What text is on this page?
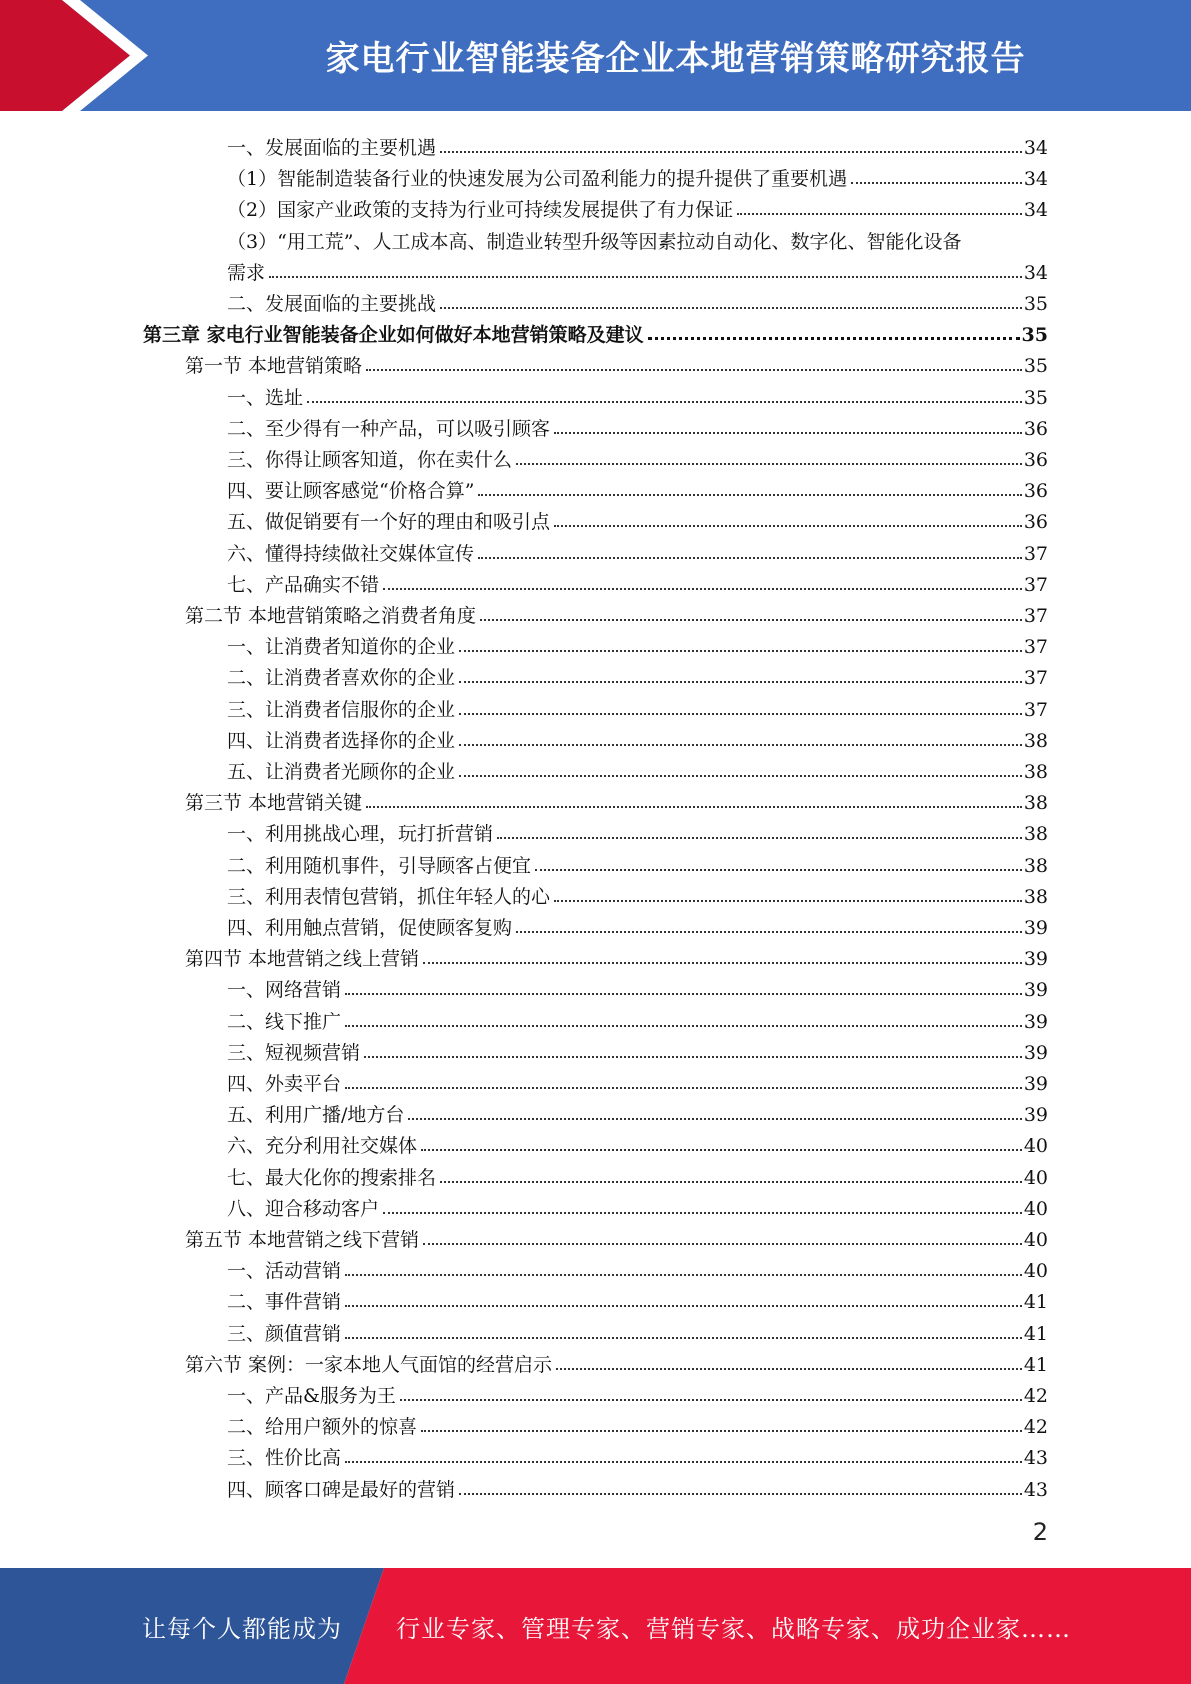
家电行业智能装备企业本地营销策略研究报告
一、发展面临的主要机遇	34
（1）智能制造装备行业的快速发展为公司盈利能力的提升提供了重要机遇	34
（2）国家产业政策的支持为行业可持续发展提供了有力保证	34
（3）“用工荒”、人工成本高、制造业转型升级等因素拉动自动化、数字化、智能化设备
需求	34
二、发展面临的主要挑战	35
第三章 家电行业智能装备企业如何做好本地营销策略及建议	35
第一节 本地营销策略	35
一、选址	35
二、至少得有一种产品，可以吸引顾客	36
三、你得让顾客知道，你在卖什么	36
四、要让顾客感觉“价格合算”	36
五、做促销要有一个好的理由和吸引点	36
六、懂得持续做社交媒体宣传	37
七、产品确实不错	37
第二节 本地营销策略之消费者角度	37
一、让消费者知道你的企业	37
二、让消费者喜欢你的企业	37
三、让消费者信服你的企业	37
四、让消费者选择你的企业	38
五、让消费者光顾你的企业	38
第三节 本地营销关键	38
一、利用挑战心理，玩打折营销	38
二、利用随机事件，引导顾客占便宜	38
三、利用表情包营销，抓住年轻人的心	38
四、利用触点营销，促使顾客复购	39
第四节 本地营销之线上营销	39
一、网络营销	39
二、线下推广	39
三、短视频营销	39
四、外卖平台	39
五、利用广播/地方台	39
六、充分利用社交媒体	40
七、最大化你的搜索排名	40
八、迎合移动客户	40
第五节 本地营销之线下营销	40
一、活动营销	40
二、事件营销	41
三、颜值营销	41
第六节 案例：一家本地人气面馆的经营启示	41
一、产品&服务为王	42
二、给用户额外的惊喜	42
三、性价比高	43
四、顾客口碑是最好的营销	43
2
让每个人都能成为 行业专家、管理专家、营销专家、战略专家、成功企业家……
